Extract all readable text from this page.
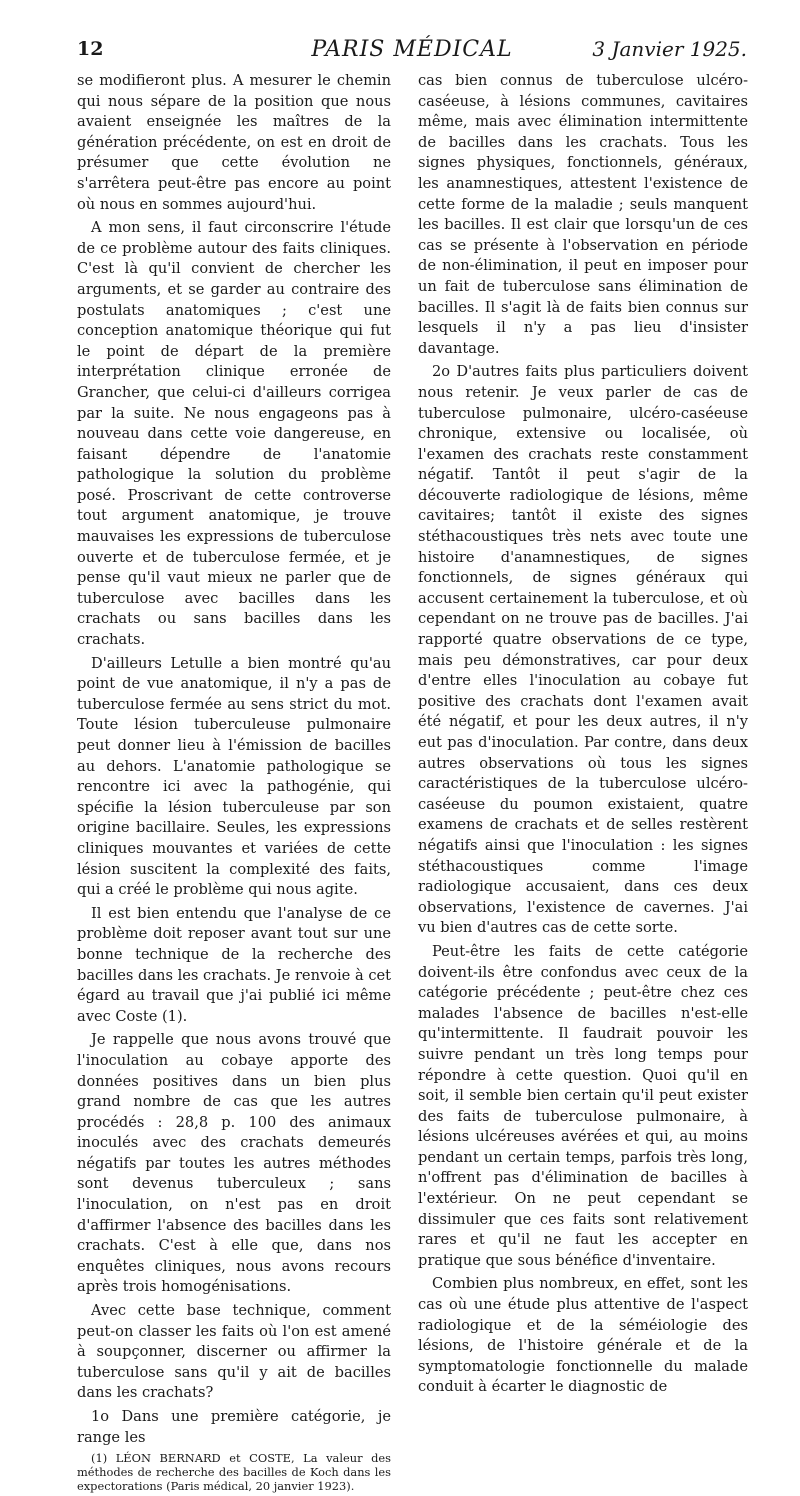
12	PARIS MÉDICAL	3 Janvier 1925.

se modifieront plus. A mesurer le chemin qui nous sépare de la position que nous avaient enseignée les maîtres de la génération précédente, on est en droit de présumer que cette évolution ne s'arrêtera peut-être pas encore au point où nous en sommes aujourd'hui.

A mon sens, il faut circonscrire l'étude de ce problème autour des faits cliniques. C'est là qu'il convient de chercher les arguments, et se garder au contraire des postulats anatomiques ; c'est une conception anatomique théorique qui fut le point de départ de la première interprétation clinique erronée de Grancher, que celui-ci d'ailleurs corrigea par la suite. Ne nous engageons pas à nouveau dans cette voie dangereuse, en faisant dépendre de l'anatomie pathologique la solution du problème posé. Proscrivant de cette controverse tout argument anatomique, je trouve mauvaises les expressions de tuberculose ouverte et de tuberculose fermée, et je pense qu'il vaut mieux ne parler que de tuberculose avec bacilles dans les crachats ou sans bacilles dans les crachats.

D'ailleurs Letulle a bien montré qu'au point de vue anatomique, il n'y a pas de tuberculose fermée au sens strict du mot. Toute lésion tuberculeuse pulmonaire peut donner lieu à l'émission de bacilles au dehors. L'anatomie pathologique se rencontre ici avec la pathogénie, qui spécifie la lésion tuberculeuse par son origine bacillaire. Seules, les expressions cliniques mouvantes et variées de cette lésion suscitent la complexité des faits, qui a créé le problème qui nous agite.

Il est bien entendu que l'analyse de ce problème doit reposer avant tout sur une bonne technique de la recherche des bacilles dans les crachats. Je renvoie à cet égard au travail que j'ai publié ici même avec Coste (1).

Je rappelle que nous avons trouvé que l'inoculation au cobaye apporte des données positives dans un bien plus grand nombre de cas que les autres procédés : 28,8 p. 100 des animaux inoculés avec des crachats demeurés négatifs par toutes les autres méthodes sont devenus tuberculeux ; sans l'inoculation, on n'est pas en droit d'affirmer l'absence des bacilles dans les crachats. C'est à elle que, dans nos enquêtes cliniques, nous avons recours après trois homogénisations.

Avec cette base technique, comment peut-on classer les faits où l'on est amené à soupçonner, discerner ou affirmer la tuberculose sans qu'il y ait de bacilles dans les crachats?

1o Dans une première catégorie, je range les

(1) LÉON BERNARD et COSTE, La valeur des méthodes de recherche des bacilles de Koch dans les expectorations (Paris médical, 20 janvier 1923).

cas bien connus de tuberculose ulcéro-caséeuse, à lésions communes, cavitaires même, mais avec élimination intermittente de bacilles dans les crachats. Tous les signes physiques, fonctionnels, généraux, les anamnestiques, attestent l'existence de cette forme de la maladie ; seuls manquent les bacilles. Il est clair que lorsqu'un de ces cas se présente à l'observation en période de non-élimination, il peut en imposer pour un fait de tuberculose sans élimination de bacilles. Il s'agit là de faits bien connus sur lesquels il n'y a pas lieu d'insister davantage.

2o D'autres faits plus particuliers doivent nous retenir. Je veux parler de cas de tuberculose pulmonaire, ulcéro-caséeuse chronique, extensive ou localisée, où l'examen des crachats reste constamment négatif. Tantôt il peut s'agir de la découverte radiologique de lésions, même cavitaires; tantôt il existe des signes stéthacoustiques très nets avec toute une histoire d'anamnestiques, de signes fonctionnels, de signes généraux qui accusent certainement la tuberculose, et où cependant on ne trouve pas de bacilles. J'ai rapporté quatre observations de ce type, mais peu démonstratives, car pour deux d'entre elles l'inoculation au cobaye fut positive des crachats dont l'examen avait été négatif, et pour les deux autres, il n'y eut pas d'inoculation. Par contre, dans deux autres observations où tous les signes caractéristiques de la tuberculose ulcéro-caséeuse du poumon existaient, quatre examens de crachats et de selles restèrent négatifs ainsi que l'inoculation : les signes stéthacoustiques comme l'image radiologique accusaient, dans ces deux observations, l'existence de cavernes. J'ai vu bien d'autres cas de cette sorte.

Peut-être les faits de cette catégorie doivent-ils être confondus avec ceux de la catégorie précédente ; peut-être chez ces malades l'absence de bacilles n'est-elle qu'intermittente. Il faudrait pouvoir les suivre pendant un très long temps pour répondre à cette question. Quoi qu'il en soit, il semble bien certain qu'il peut exister des faits de tuberculose pulmonaire, à lésions ulcéreuses avérées et qui, au moins pendant un certain temps, parfois très long, n'offrent pas d'élimination de bacilles à l'extérieur. On ne peut cependant se dissimuler que ces faits sont relativement rares et qu'il ne faut les accepter en pratique que sous bénéfice d'inventaire.

Combien plus nombreux, en effet, sont les cas où une étude plus attentive de l'aspect radiologique et de la séméiologie des lésions, de l'histoire générale et de la symptomatologie fonctionnelle du malade conduit à écarter le diagnostic de
